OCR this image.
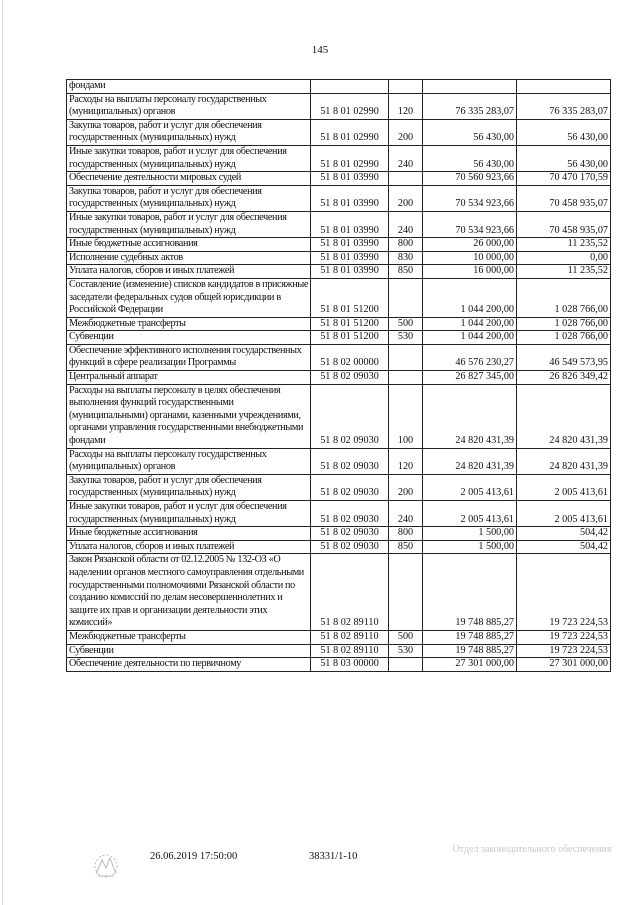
145
фондами				
Расходы на выплаты персоналу государственных (муниципальных) органов	51 8 01 02990	120	76 335 283,07	76 335 283,07
Закупка товаров, работ и услуг для обеспечения государственных (муниципальных) нужд	51 8 01 02990	200	56 430,00	56 430,00
Иные закупки товаров, работ и услуг для обеспечения государственных (муниципальных) нужд	51 8 01 02990	240	56 430,00	56 430,00
Обеспечение деятельности мировых судей	51 8 01 03990		70 560 923,66	70 470 170,59
Закупка товаров, работ и услуг для обеспечения государственных (муниципальных) нужд	51 8 01 03990	200	70 534 923,66	70 458 935,07
Иные закупки товаров, работ и услуг для обеспечения государственных (муниципальных) нужд	51 8 01 03990	240	70 534 923,66	70 458 935,07
Иные бюджетные ассигнования	51 8 01 03990	800	26 000,00	11 235,52
Исполнение судебных актов	51 8 01 03990	830	10 000,00	0,00
Уплата налогов, сборов и иных платежей	51 8 01 03990	850	16 000,00	11 235,52
Составление (изменение) списков кандидатов в присяжные заседатели федеральных судов общей юрисдикции в Российской Федерации	51 8 01 51200		1 044 200,00	1 028 766,00
Межбюджетные трансферты	51 8 01 51200	500	1 044 200,00	1 028 766,00
Субвенции	51 8 01 51200	530	1 044 200,00	1 028 766,00
Обеспечение эффективного исполнения государственных функций в сфере реализации Программы	51 8 02 00000		46 576 230,27	46 549 573,95
Центральный аппарат	51 8 02 09030		26 827 345,00	26 826 349,42
Расходы на выплаты персоналу в целях обеспечения выполнения функций государственными (муниципальными) органами, казенными учреждениями, органами управления государственными внебюджетными фондами	51 8 02 09030	100	24 820 431,39	24 820 431,39
Расходы на выплаты персоналу государственных (муниципальных) органов	51 8 02 09030	120	24 820 431,39	24 820 431,39
Закупка товаров, работ и услуг для обеспечения государственных (муниципальных) нужд	51 8 02 09030	200	2 005 413,61	2 005 413,61
Иные закупки товаров, работ и услуг для обеспечения государственных (муниципальных) нужд	51 8 02 09030	240	2 005 413,61	2 005 413,61
Иные бюджетные ассигнования	51 8 02 09030	800	1 500,00	504,42
Уплата налогов, сборов и иных платежей	51 8 02 09030	850	1 500,00	504,42
Закон Рязанской области от 02.12.2005 № 132-ОЗ «О наделении органов местного самоуправления отдельными государственными полномочиями Рязанской области по созданию комиссий по делам несовершеннолетних и защите их прав и организации деятельности этих комиссий»	51 8 02 89110		19 748 885,27	19 723 224,53
Межбюджетные трансферты	51 8 02 89110	500	19 748 885,27	19 723 224,53
Субвенции	51 8 02 89110	530	19 748 885,27	19 723 224,53
Обеспечение деятельности по первичному	51 8 03 00000		27 301 000,00	27 301 000,00
26.06.2019 17:50:00	38331/1-10
Отдел законодательного обеспечения
